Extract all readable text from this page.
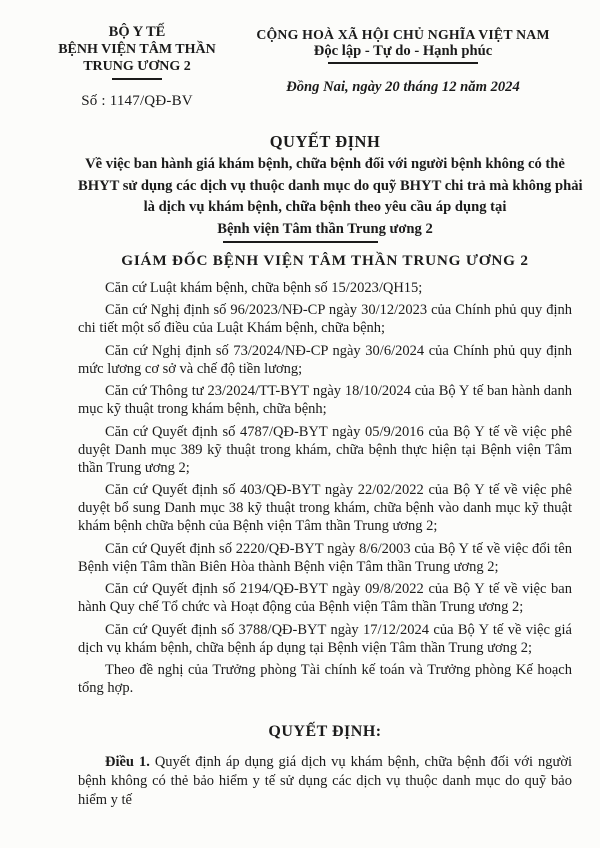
BỘ Y TẾ
BỆNH VIỆN TÂM THẦN
TRUNG ƯƠNG 2
Số : 1147/QĐ-BV
CỘNG HOÀ XÃ HỘI CHỦ NGHĨA VIỆT NAM
Độc lập - Tự do - Hạnh phúc
Đồng Nai, ngày 20 tháng 12 năm 2024
QUYẾT ĐỊNH
Về việc ban hành giá khám bệnh, chữa bệnh đối với người bệnh không có thẻ
BHYT sử dụng các dịch vụ thuộc danh mục do quỹ BHYT chi trả mà không phải
là dịch vụ khám bệnh, chữa bệnh theo yêu cầu áp dụng tại
Bệnh viện Tâm thần Trung ương 2
GIÁM ĐỐC BỆNH VIỆN TÂM THẦN TRUNG ƯƠNG 2

Căn cứ Luật khám bệnh, chữa bệnh số 15/2023/QH15;

Căn cứ Nghị định số 96/2023/NĐ-CP ngày 30/12/2023 của Chính phủ quy định chi tiết một số điều của Luật Khám bệnh, chữa bệnh;

Căn cứ Nghị định số 73/2024/NĐ-CP ngày 30/6/2024 của Chính phủ quy định mức lương cơ sở và chế độ tiền lương;

Căn cứ Thông tư 23/2024/TT-BYT ngày 18/10/2024 của Bộ Y tế ban hành danh mục kỹ thuật trong khám bệnh, chữa bệnh;

Căn cứ Quyết định số 4787/QĐ-BYT ngày 05/9/2016 của Bộ Y tế về việc phê duyệt Danh mục 389 kỹ thuật trong khám, chữa bệnh thực hiện tại Bệnh viện Tâm thần Trung ương 2;

Căn cứ Quyết định số 403/QĐ-BYT ngày 22/02/2022 của Bộ Y tế về việc phê duyệt bổ sung Danh mục 38 kỹ thuật trong khám, chữa bệnh vào danh mục kỹ thuật khám bệnh chữa bệnh của Bệnh viện Tâm thần Trung ương 2;

Căn cứ Quyết định số 2220/QĐ-BYT ngày 8/6/2003 của Bộ Y tế về việc đổi tên Bệnh viện Tâm thần Biên Hòa thành Bệnh viện Tâm thần Trung ương 2;

Căn cứ Quyết định số 2194/QĐ-BYT ngày 09/8/2022 của Bộ Y tế về việc ban hành Quy chế Tổ chức và Hoạt động của Bệnh viện Tâm thần Trung ương 2;

Căn cứ Quyết định số 3788/QĐ-BYT ngày 17/12/2024 của Bộ Y tế về việc giá dịch vụ khám bệnh, chữa bệnh áp dụng tại Bệnh viện Tâm thần Trung ương 2;

Theo đề nghị của Trưởng phòng Tài chính kế toán và Trưởng phòng Kế hoạch tổng hợp.

QUYẾT ĐỊNH:

Điều 1. Quyết định áp dụng giá dịch vụ khám bệnh, chữa bệnh đối với người bệnh không có thẻ bảo hiểm y tế sử dụng các dịch vụ thuộc danh mục do quỹ bảo hiểm y tế
